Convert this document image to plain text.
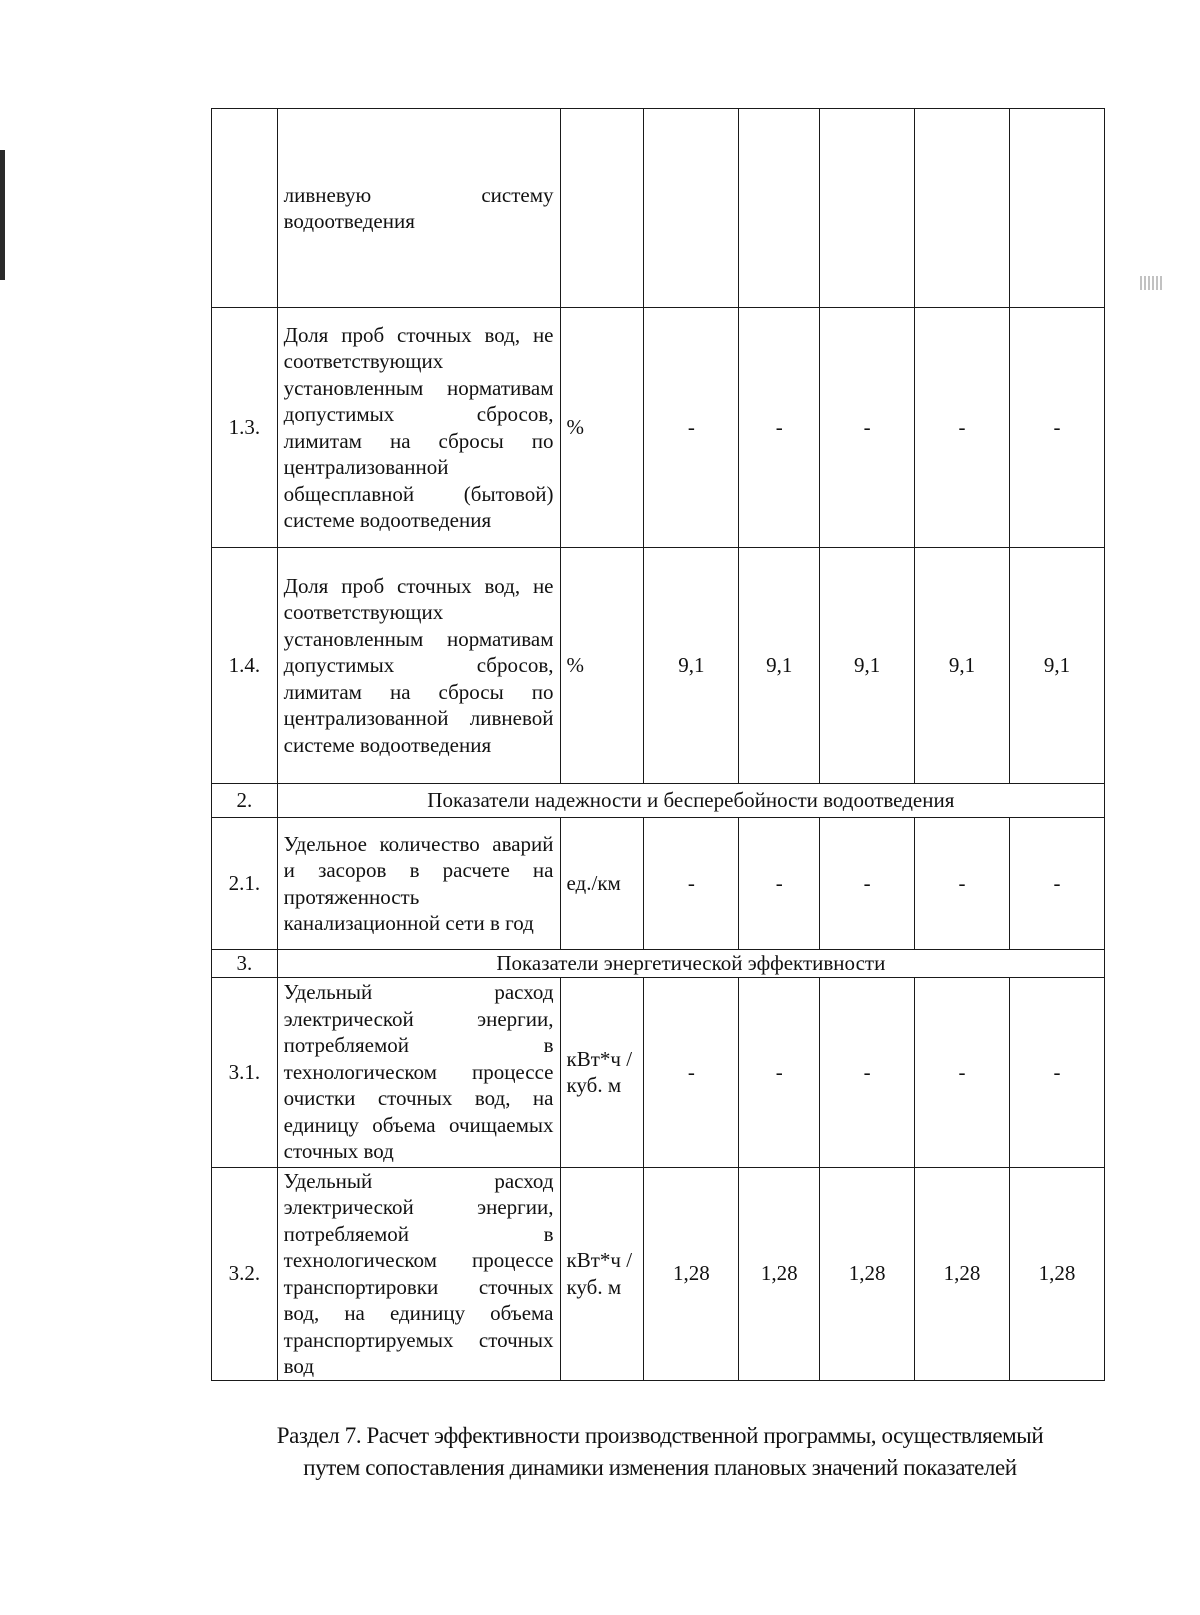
	ливневую систему водоотведения						
1.3.	Доля проб сточных вод, не соответствующих установленным нормативам допустимых сбросов, лимитам на сбросы по централизованной общесплавной (бытовой) системе водоотведения	%	-	-	-	-	-
1.4.	Доля проб сточных вод, не соответствующих установленным нормативам допустимых сбросов, лимитам на сбросы по централизованной ливневой системе водоотведения	%	9,1	9,1	9,1	9,1	9,1
2.	Показатели надежности и бесперебойности водоотведения						
2.1.	Удельное количество аварий и засоров в расчете на протяженность канализационной сети в год	ед./км	-	-	-	-	-
3.	Показатели энергетической эффективности						
3.1.	Удельный расход электрической энергии, потребляемой в технологическом процессе очистки сточных вод, на единицу объема очищаемых сточных вод	кВт*ч /куб. м	-	-	-	-	-
3.2.	Удельный расход электрической энергии, потребляемой в технологическом процессе транспортировки сточных вод, на единицу объема транспортируемых сточных вод	кВт*ч / куб. м	1,28	1,28	1,28	1,28	1,28
Раздел 7. Расчет эффективности производственной программы, осуществляемый
путем сопоставления динамики изменения плановых значений показателей
